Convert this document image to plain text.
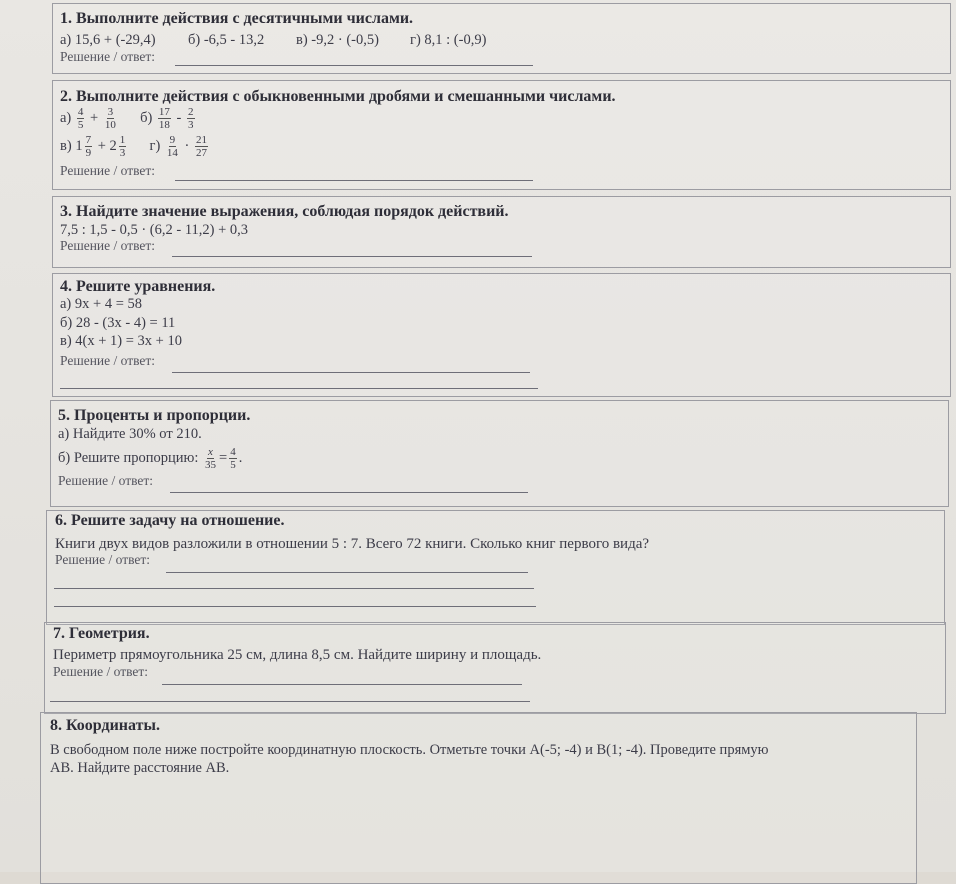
1. Выполните действия с десятичными числами.
а) 15,6 + (-29,4) б) -6,5 - 13,2 в) -9,2 · (-0,5) г) 8,1 : (-0,9)
Решение / ответ:
2. Выполните действия с обыкновенными дробями и смешанными числами.
$а) \frac{4}{5} + \frac{3}{10} б) \frac{17}{18} - \frac{2}{3}$
в) $1 \frac{7}{9} + 2 \frac{1}{3} г) \frac{9}{14} \cdot \frac{21}{27}$
Решение / ответ:
3. Найдите значение выражения, соблюдая порядок действий.
7,5 : 1,5 - 0,5 · (6,2 - 11,2) + 0,3
Решение / ответ:
4. Решите уравнения.
а) 9x + 4 = 58
б) 28 - (3x - 4) = 11
в) 4(x + 1) = 3x + 10
Решение / ответ:
5. Проценты и пропорции.
а) Найдите 30% от 210.
б) Решите пропорцию: $\frac{x}{35} = \frac{4}{5}$ .
Решение / ответ:
6. Решите задачу на отношение.
Книги двух видов разложили в отношении 5 : 7. Всего 72 книги. Сколько книг первого вида?
Решение / ответ:
7. Геометрия.
Периметр прямоугольника 25 см, длина 8,5 см. Найдите ширину и площадь.
Решение / ответ:
8. Координаты.
В свободном поле ниже постройте координатную плоскость. Отметьте точки A(-5; -4) и B(1; -4). Проведите прямую
AB. Найдите расстояние AB.
